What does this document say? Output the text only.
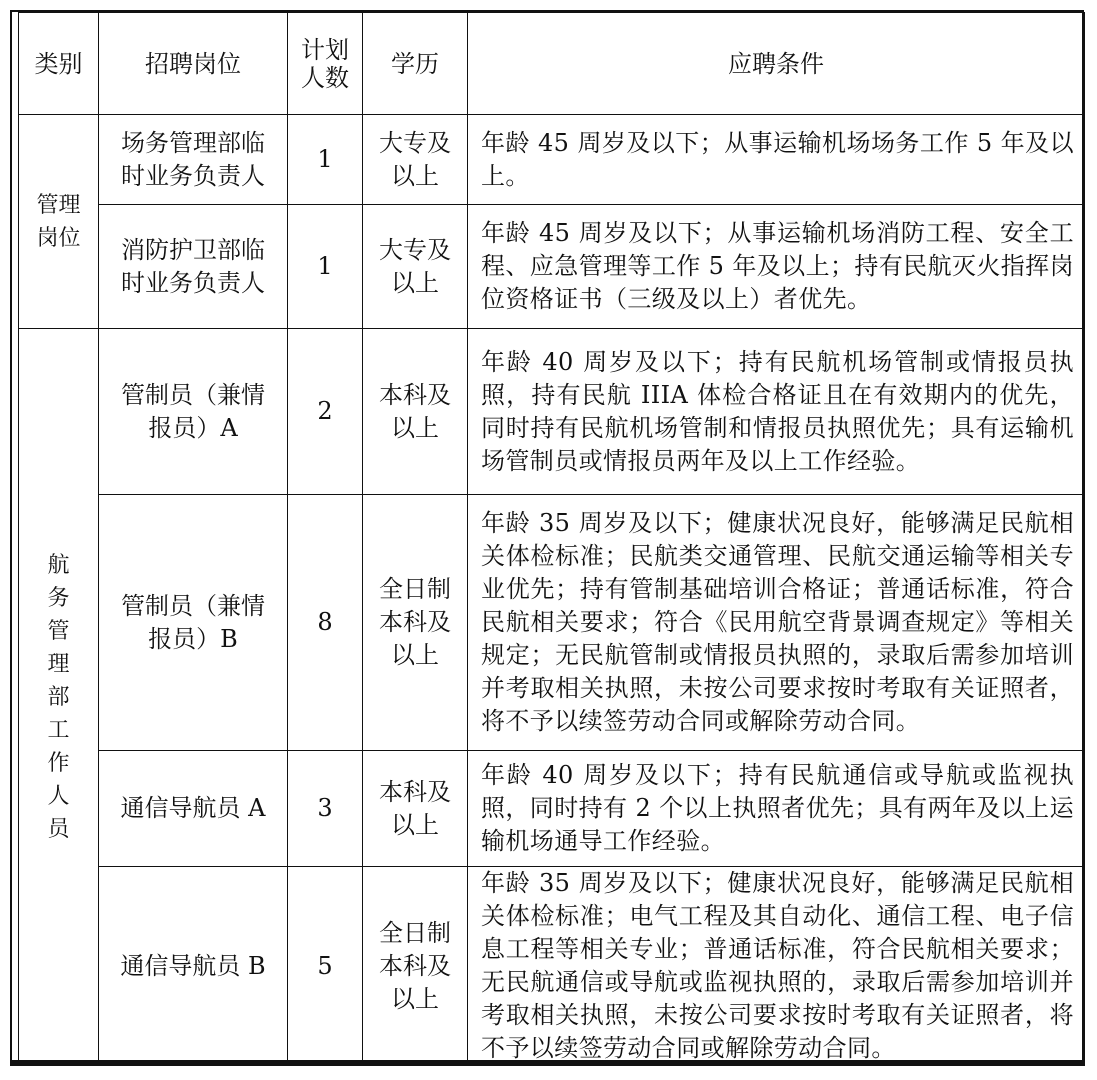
类别	招聘岗位	计划人数	学历	应聘条件
管理岗位	场务管理部临时业务负责人	1	大专及以上	年龄 45 周岁及以下；从事运输机场场务工作 5 年及以上。
	消防护卫部临时业务负责人	1	大专及以上	年龄 45 周岁及以下；从事运输机场消防工程、安全工程、应急管理等工作 5 年及以上；持有民航灭火指挥岗位资格证书（三级及以上）者优先。
航务管理部工作人员	管制员（兼情报员）A	2	本科及以上	年龄 40 周岁及以下；持有民航机场管制或情报员执照，持有民航 IIIA 体检合格证且在有效期内的优先，同时持有民航机场管制和情报员执照优先；具有运输机场管制员或情报员两年及以上工作经验。
	管制员（兼情报员）B	8	全日制本科及以上	年龄 35 周岁及以下；健康状况良好，能够满足民航相关体检标准；民航类交通管理、民航交通运输等相关专业优先；持有管制基础培训合格证；普通话标准，符合民航相关要求；符合《民用航空背景调查规定》等相关规定；无民航管制或情报员执照的，录取后需参加培训并考取相关执照，未按公司要求按时考取有关证照者，将不予以续签劳动合同或解除劳动合同。
	通信导航员 A	3	本科及以上	年龄 40 周岁及以下；持有民航通信或导航或监视执照，同时持有 2 个以上执照者优先；具有两年及以上运输机场通导工作经验。
	通信导航员 B	5	全日制本科及以上	年龄 35 周岁及以下；健康状况良好，能够满足民航相关体检标准；电气工程及其自动化、通信工程、电子信息工程等相关专业；普通话标准，符合民航相关要求；无民航通信或导航或监视执照的，录取后需参加培训并考取相关执照，未按公司要求按时考取有关证照者，将不予以续签劳动合同或解除劳动合同。
